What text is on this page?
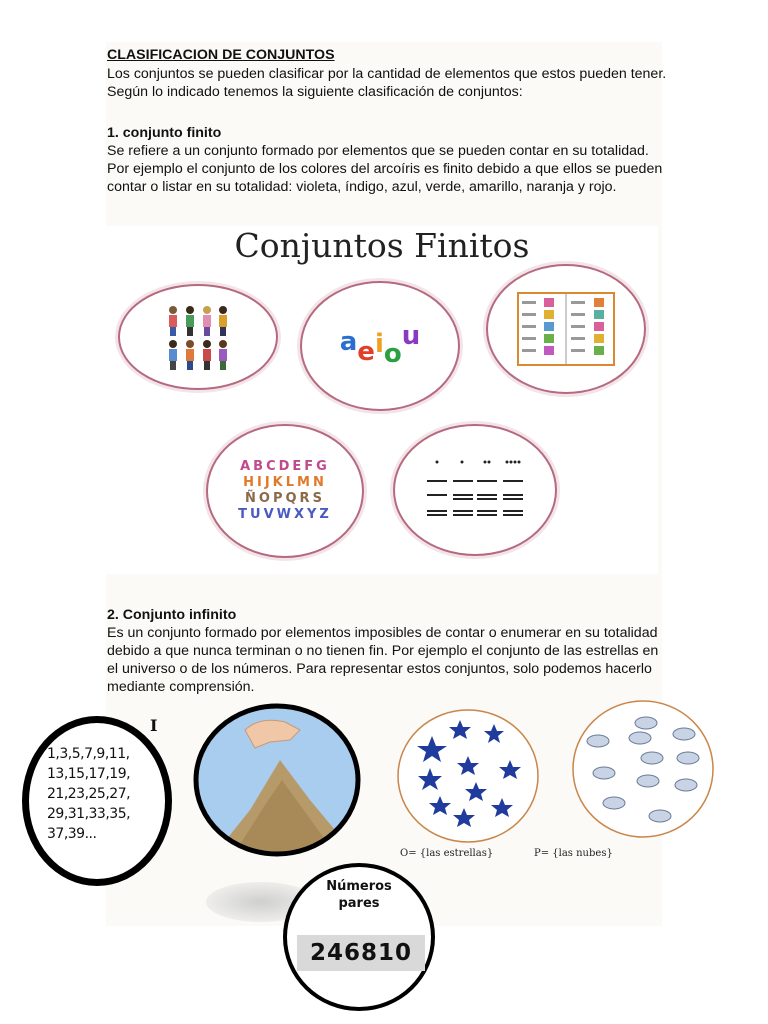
CLASIFICACION DE CONJUNTOS
Los conjuntos se pueden clasificar por la cantidad de elementos que estos pueden tener. Según lo indicado tenemos la siguiente clasificación de conjuntos:
1. conjunto finito
Se refiere a un conjunto formado por elementos que se pueden contar en su totalidad. Por ejemplo el conjunto de los colores del arcoíris es finito debido a que ellos se pueden contar o listar en su totalidad: violeta, índigo, azul, verde, amarillo, naranja y rojo.
Conjuntos Finitos
aeiou
ABCDEFG
HIJKLMN
ÑOPQRS
TUVWXYZ
2. Conjunto infinito
Es un conjunto formado por elementos imposibles de contar o enumerar en su totalidad debido a que nunca terminan o no tienen fin. Por ejemplo el conjunto de las estrellas en el universo o de los números. Para representar estos conjuntos, solo podemos hacerlo mediante comprensión.
I
1,3,5,7,9,11,
13,15,17,19,
21,23,25,27,
29,31,33,35,
37,39...
O= {las estrellas}	P= {las nubes}
Números
pares
246810
